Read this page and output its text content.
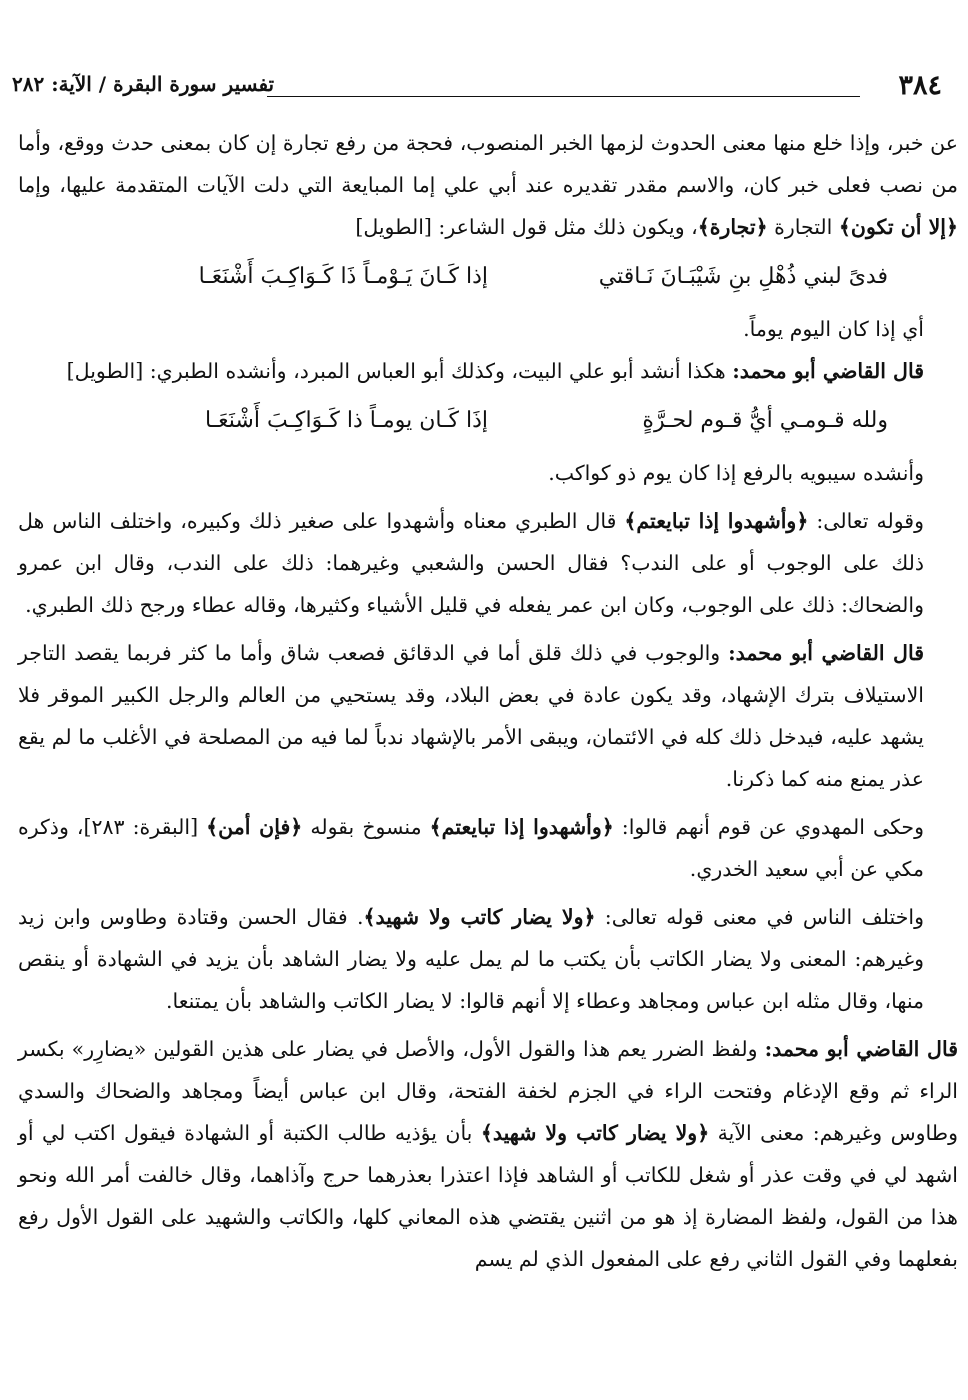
٣٨٤
تفسير سورة البقرة / الآية: ٢٨٢

عن خبر، وإذا خلع منها معنى الحدوث لزمها الخبر المنصوب، فحجة من رفع تجارة إن كان بمعنى حدث ووقع، وأما من نصب فعلى خبر كان، والاسم مقدر تقديره عند أبي علي إما المبايعة التي دلت الآيات المتقدمة عليها، وإما ﴿إلا أن تكون﴾ التجارة ﴿تجارة﴾، ويكون ذلك مثل قول الشاعر: [الطويل]

فدىً لبني ذُهْلِ بنِ شَيْبَـانَ نَـاقتي
إذا كَـانَ يَـوْمـاً ذَا كَـوَاكِـبَ أَشْنَعَـا

أي إذا كان اليوم يوماً.

قال القاضي أبو محمد: هكذا أنشد أبو علي البيت، وكذلك أبو العباس المبرد، وأنشده الطبري: [الطويل]

ولله قـومـي أيُّ قـوم لحـرَّةٍ
إذَا كَـان يومـاً ذا كَـوَاكِـبَ أَشْنَعَـا

وأنشده سيبويه بالرفع إذا كان يوم ذو كواكب.

وقوله تعالى: ﴿وأشهدوا إذا تبايعتم﴾ قال الطبري معناه وأشهدوا على صغير ذلك وكبيره، واختلف الناس هل ذلك على الوجوب أو على الندب؟ فقال الحسن والشعبي وغيرهما: ذلك على الندب، وقال ابن عمرو والضحاك: ذلك على الوجوب، وكان ابن عمر يفعله في قليل الأشياء وكثيرها، وقاله عطاء ورجح ذلك الطبري.

قال القاضي أبو محمد: والوجوب في ذلك قلق أما في الدقائق فصعب شاق وأما ما كثر فربما يقصد التاجر الاستيلاف بترك الإشهاد، وقد يكون عادة في بعض البلاد، وقد يستحيي من العالم والرجل الكبير الموقر فلا يشهد عليه، فيدخل ذلك كله في الائتمان، ويبقى الأمر بالإشهاد ندباً لما فيه من المصلحة في الأغلب ما لم يقع عذر يمنع منه كما ذكرنا.

وحكى المهدوي عن قوم أنهم قالوا: ﴿وأشهدوا إذا تبايعتم﴾ منسوخ بقوله ﴿فإن أمن﴾ [البقرة: ٢٨٣]، وذكره مكي عن أبي سعيد الخدري.

واختلف الناس في معنى قوله تعالى: ﴿ولا يضار كاتب ولا شهيد﴾. فقال الحسن وقتادة وطاوس وابن زيد وغيرهم: المعنى ولا يضار الكاتب بأن يكتب ما لم يمل عليه ولا يضار الشاهد بأن يزيد في الشهادة أو ينقص منها، وقال مثله ابن عباس ومجاهد وعطاء إلا أنهم قالوا: لا يضار الكاتب والشاهد بأن يمتنعا.

قال القاضي أبو محمد: ولفظ الضرر يعم هذا والقول الأول، والأصل في يضار على هذين القولين «يضارِر» بكسر الراء ثم وقع الإدغام وفتحت الراء في الجزم لخفة الفتحة، وقال ابن عباس أيضاً ومجاهد والضحاك والسدي وطاوس وغيرهم: معنى الآية ﴿ولا يضار كاتب ولا شهيد﴾ بأن يؤذيه طالب الكتبة أو الشهادة فيقول اكتب لي أو اشهد لي في وقت عذر أو شغل للكاتب أو الشاهد فإذا اعتذرا بعذرهما حرج وآذاهما، وقال خالفت أمر الله ونحو هذا من القول، ولفظ المضارة إذ هو من اثنين يقتضي هذه المعاني كلها، والكاتب والشهيد على القول الأول رفع بفعلهما وفي القول الثاني رفع على المفعول الذي لم يسم
